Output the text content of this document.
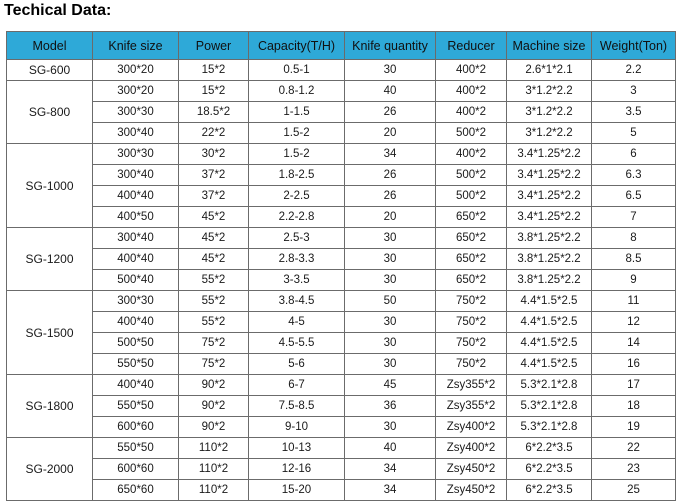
Techical Data:
Model	Knife size	Power	Capacity(T/H)	Knife quantity	Reducer	Machine size	Weight(Ton)
SG-600	300*20	15*2	0.5-1	30	400*2	2.6*1*2.1	2.2
SG-800	300*20	15*2	0.8-1.2	40	400*2	3*1.2*2.2	3
	300*30	18.5*2	1-1.5	26	400*2	3*1.2*2.2	3.5
	300*40	22*2	1.5-2	20	500*2	3*1.2*2.2	5
SG-1000	300*30	30*2	1.5-2	34	400*2	3.4*1.25*2.2	6
	300*40	37*2	1.8-2.5	26	500*2	3.4*1.25*2.2	6.3
	400*40	37*2	2-2.5	26	500*2	3.4*1.25*2.2	6.5
	400*50	45*2	2.2-2.8	20	650*2	3.4*1.25*2.2	7
SG-1200	300*40	45*2	2.5-3	30	650*2	3.8*1.25*2.2	8
	400*40	45*2	2.8-3.3	30	650*2	3.8*1.25*2.2	8.5
	500*40	55*2	3-3.5	30	650*2	3.8*1.25*2.2	9
SG-1500	300*30	55*2	3.8-4.5	50	750*2	4.4*1.5*2.5	11
	400*40	55*2	4-5	30	750*2	4.4*1.5*2.5	12
	500*50	75*2	4.5-5.5	30	750*2	4.4*1.5*2.5	14
	550*50	75*2	5-6	30	750*2	4.4*1.5*2.5	16
SG-1800	400*40	90*2	6-7	45	Zsy355*2	5.3*2.1*2.8	17
	550*50	90*2	7.5-8.5	36	Zsy355*2	5.3*2.1*2.8	18
	600*60	90*2	9-10	30	Zsy400*2	5.3*2.1*2.8	19
SG-2000	550*50	110*2	10-13	40	Zsy400*2	6*2.2*3.5	22
	600*60	110*2	12-16	34	Zsy450*2	6*2.2*3.5	23
	650*60	110*2	15-20	34	Zsy450*2	6*2.2*3.5	25
